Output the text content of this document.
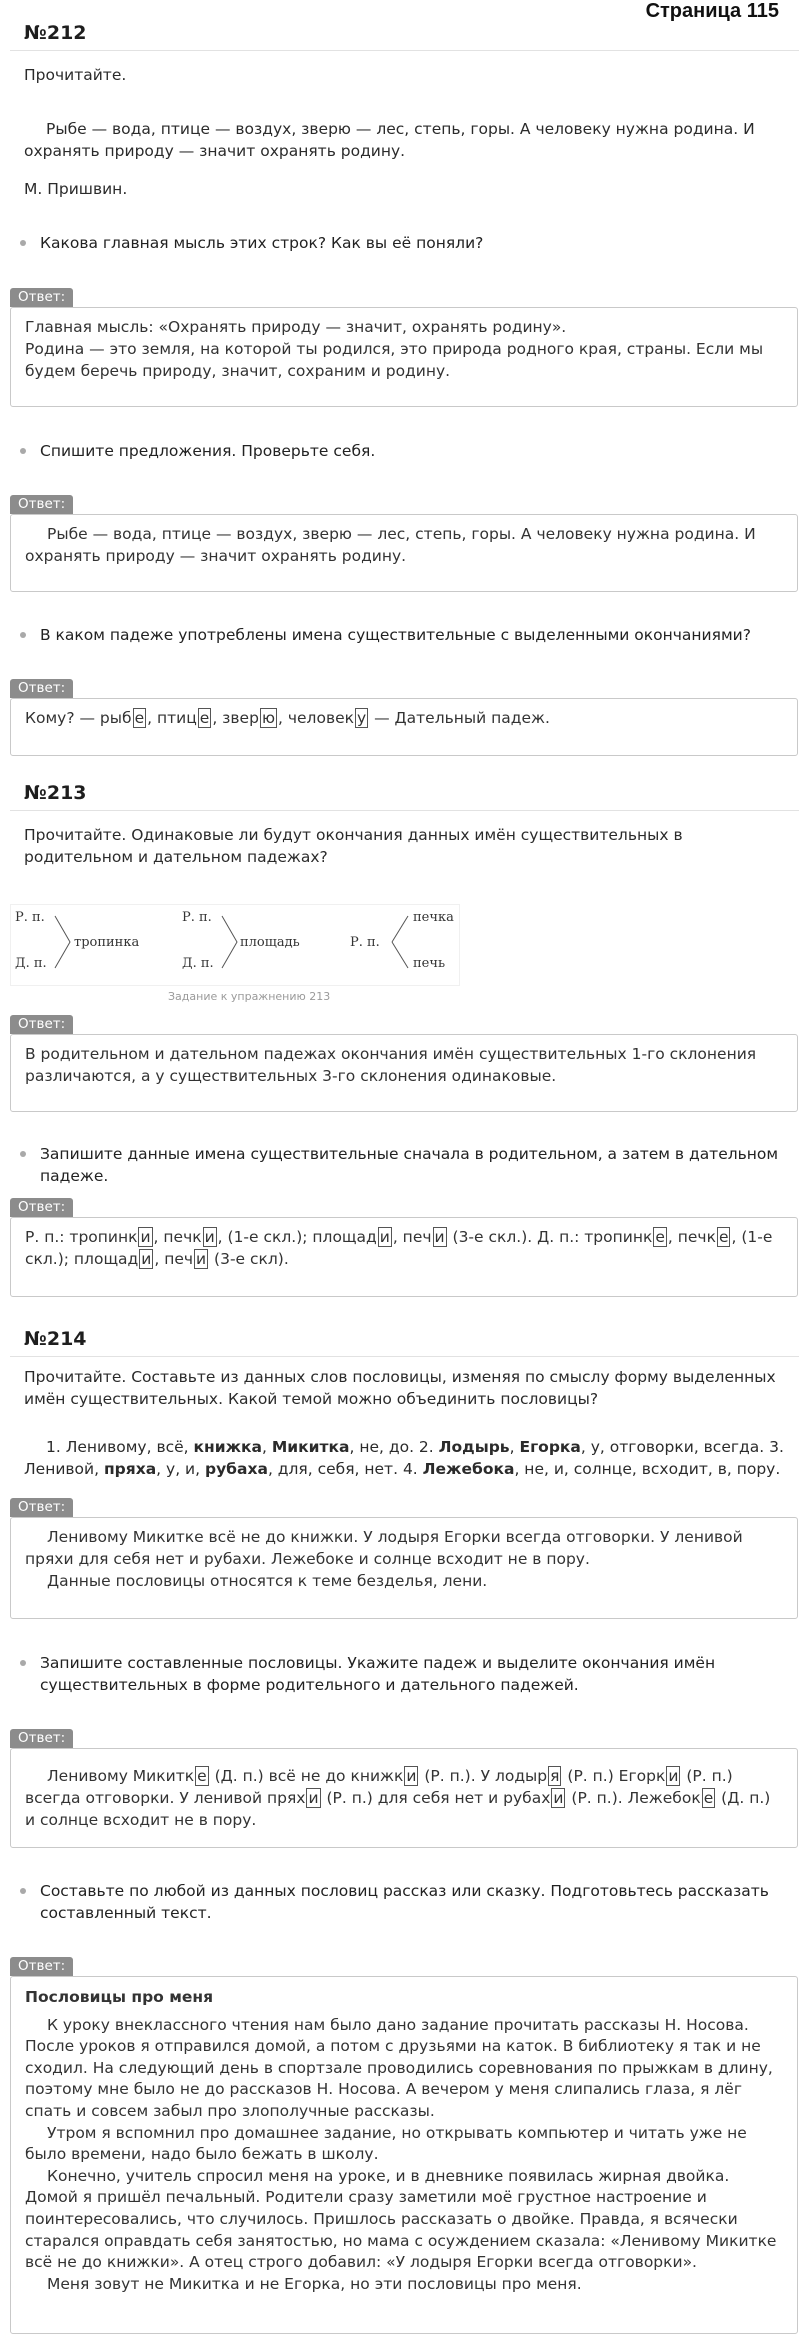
Страница 115
№212
Прочитайте.
Рыбе — вода, птице — воздух, зверю — лес, степь, горы. А человеку нужна родина. И охранять природу — значит охранять родину.
М. Пришвин.
Какова главная мысль этих строк? Как вы её поняли?
Ответ:
Главная мысль: «Охранять природу — значит, охранять родину».
Родина — это земля, на которой ты родился, это природа родного края, страны. Если мы будем беречь природу, значит, сохраним и родину.
Спишите предложения. Проверьте себя.
Ответ:
Рыбе — вода, птице — воздух, зверю — лес, степь, горы. А человеку нужна родина. И охранять природу — значит охранять родину.
В каком падеже употреблены имена существительные с выделенными окончаниями?
Ответ:
Кому? — рыб е , птиц е , звер ю , человек у — Дательный падеж.
№213
Прочитайте. Одинаковые ли будут окончания данных имён существительных в родительном и дательном падежах?
Р. п.
Д. п.
тропинка
Р. п.
Д. п.
площадь	Р. п.
печка
печь
Задание к упражнению 213
Ответ:
В родительном и дательном падежах окончания имён существительных 1-го склонения различаются, а у существительных 3-го склонения одинаковые.
Запишите данные имена существительные сначала в родительном, а затем в дательном падеже.
Ответ:
Р. п.: тропинк и , печк и , (1-е скл.); площад и , печ и (3-е скл.). Д. п.: тропинк е , печк е , (1-е скл.); площад и , печ и (3-е скл).
№214
Прочитайте. Составьте из данных слов пословицы, изменяя по смыслу форму выделенных имён существительных. Какой темой можно объединить пословицы?
1. Ленивому, всё, книжка, Микитка, не, до. 2. Лодырь, Егорка, у, отговорки, всегда. 3. Ленивой, пряха, у, и, рубаха, для, себя, нет. 4. Лежебока, не, и, солнце, всходит, в, пору.
Ответ:
Ленивому Микитке всё не до книжки. У лодыря Егорки всегда отговорки. У ленивой пряхи для себя нет и рубахи. Лежебоке и солнце всходит не в пору.
Данные пословицы относятся к теме безделья, лени.
Запишите составленные пословицы. Укажите падеж и выделите окончания имён существительных в форме родительного и дательного падежей.
Ответ:
Ленивому Микитк е (Д. п.) всё не до книжк и (Р. п.). У лодыр я (Р. п.) Егорк и (Р. п.) всегда отговорки. У ленивой прях и (Р. п.) для себя нет и рубах и (Р. п.). Лежебок е (Д. п.) и солнце всходит не в пору.
Составьте по любой из данных пословиц рассказ или сказку. Подготовьтесь рассказать составленный текст.
Ответ:
Пословицы про меня
К уроку внеклассного чтения нам было дано задание прочитать рассказы Н. Носова. После уроков я отправился домой, а потом с друзьями на каток. В библиотеку я так и не сходил. На следующий день в спортзале проводились соревнования по прыжкам в длину, поэтому мне было не до рассказов Н. Носова. А вечером у меня слипались глаза, я лёг спать и совсем забыл про злополучные рассказы.
Утром я вспомнил про домашнее задание, но открывать компьютер и читать уже не было времени, надо было бежать в школу.
Конечно, учитель спросил меня на уроке, и в дневнике появилась жирная двойка. Домой я пришёл печальный. Родители сразу заметили моё грустное настроение и поинтересовались, что случилось. Пришлось рассказать о двойке. Правда, я всячески старался оправдать себя занятостью, но мама с осуждением сказала: «Ленивому Микитке всё не до книжки». А отец строго добавил: «У лодыря Егорки всегда отговорки».
Меня зовут не Микитка и не Егорка, но эти пословицы про меня.
